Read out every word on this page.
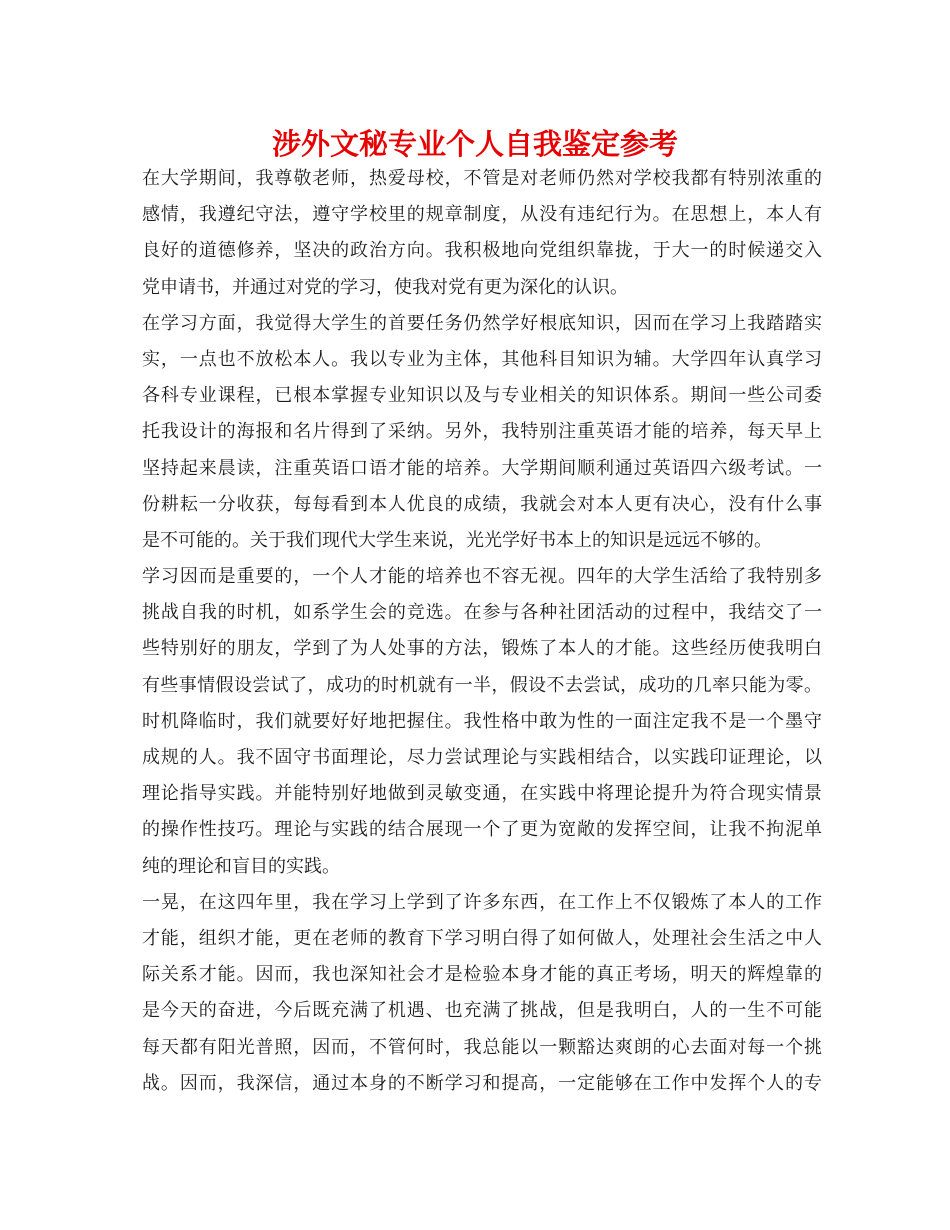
涉外文秘专业个人自我鉴定参考
在大学期间，我尊敬老师，热爱母校，不管是对老师仍然对学校我都有特别浓重的
感情，我遵纪守法，遵守学校里的规章制度，从没有违纪行为。在思想上，本人有
良好的道德修养，坚决的政治方向。我积极地向党组织靠拢，于大一的时候递交入
党申请书，并通过对党的学习，使我对党有更为深化的认识。
在学习方面，我觉得大学生的首要任务仍然学好根底知识，因而在学习上我踏踏实
实，一点也不放松本人。我以专业为主体，其他科目知识为辅。大学四年认真学习
各科专业课程，已根本掌握专业知识以及与专业相关的知识体系。期间一些公司委
托我设计的海报和名片得到了采纳。另外，我特别注重英语才能的培养，每天早上
坚持起来晨读，注重英语口语才能的培养。大学期间顺利通过英语四六级考试。一
份耕耘一分收获，每每看到本人优良的成绩，我就会对本人更有决心，没有什么事
是不可能的。关于我们现代大学生来说，光光学好书本上的知识是远远不够的。
学习因而是重要的，一个人才能的培养也不容无视。四年的大学生活给了我特别多
挑战自我的时机，如系学生会的竞选。在参与各种社团活动的过程中，我结交了一
些特别好的朋友，学到了为人处事的方法，锻炼了本人的才能。这些经历使我明白
有些事情假设尝试了，成功的时机就有一半，假设不去尝试，成功的几率只能为零。
时机降临时，我们就要好好地把握住。我性格中敢为性的一面注定我不是一个墨守
成规的人。我不固守书面理论，尽力尝试理论与实践相结合，以实践印证理论，以
理论指导实践。并能特别好地做到灵敏变通，在实践中将理论提升为符合现实情景
的操作性技巧。理论与实践的结合展现一个了更为宽敞的发挥空间，让我不拘泥单
纯的理论和盲目的实践。
一晃，在这四年里，我在学习上学到了许多东西，在工作上不仅锻炼了本人的工作
才能，组织才能，更在老师的教育下学习明白得了如何做人，处理社会生活之中人
际关系才能。因而，我也深知社会才是检验本身才能的真正考场，明天的辉煌靠的
是今天的奋进，今后既充满了机遇、也充满了挑战，但是我明白，人的一生不可能
每天都有阳光普照，因而，不管何时，我总能以一颗豁达爽朗的心去面对每一个挑
战。因而，我深信，通过本身的不断学习和提高，一定能够在工作中发挥个人的专
